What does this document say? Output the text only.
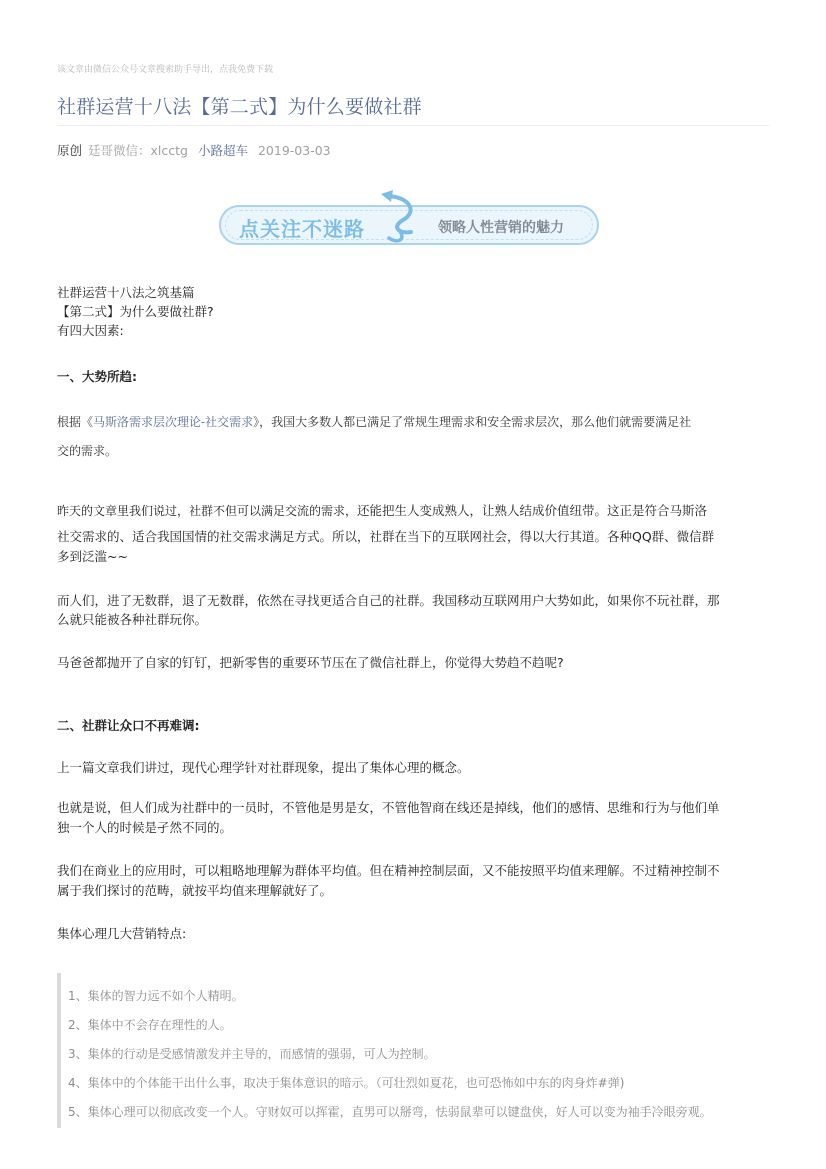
该文章由微信公众号文章搜索助手导出，点我免费下载
社群运营十八法【第二式】为什么要做社群
原创 廷哥微信：xlcctg 小路超车 2019-03-03
点关注不迷路	领略人性营销的魅力
社群运营十八法之筑基篇
【第二式】为什么要做社群?
有四大因素:
一、大势所趋:
根据《马斯洛需求层次理论-社交需求》，我国大多数人都已满足了常规生理需求和安全需求层次，那么他们就需要满足社
交的需求。
昨天的文章里我们说过，社群不但可以满足交流的需求，还能把生人变成熟人，让熟人结成价值纽带。这正是符合马斯洛
社交需求的、适合我国国情的社交需求满足方式。所以，社群在当下的互联网社会，得以大行其道。各种QQ群、微信群
多到泛滥~~
而人们，进了无数群，退了无数群，依然在寻找更适合自己的社群。我国移动互联网用户大势如此，如果你不玩社群，那
么就只能被各种社群玩你。
马爸爸都抛开了自家的钉钉，把新零售的重要环节压在了微信社群上，你觉得大势趋不趋呢?
二、社群让众口不再难调:
上一篇文章我们讲过，现代心理学针对社群现象，提出了集体心理的概念。
也就是说，但人们成为社群中的一员时，不管他是男是女，不管他智商在线还是掉线，他们的感情、思维和行为与他们单
独一个人的时候是孑然不同的。
我们在商业上的应用时，可以粗略地理解为群体平均值。但在精神控制层面，又不能按照平均值来理解。不过精神控制不
属于我们探讨的范畴，就按平均值来理解就好了。
集体心理几大营销特点:
1、集体的智力远不如个人精明。
2、集体中不会存在理性的人。
3、集体的行动是受感情激发并主导的，而感情的强弱，可人为控制。
4、集体中的个体能干出什么事，取决于集体意识的暗示。（可壮烈如夏花，也可恐怖如中东的肉身炸#弹)
5、集体心理可以彻底改变一个人。守财奴可以挥霍，直男可以掰弯，怯弱鼠辈可以键盘侠，好人可以变为袖手冷眼旁观。
